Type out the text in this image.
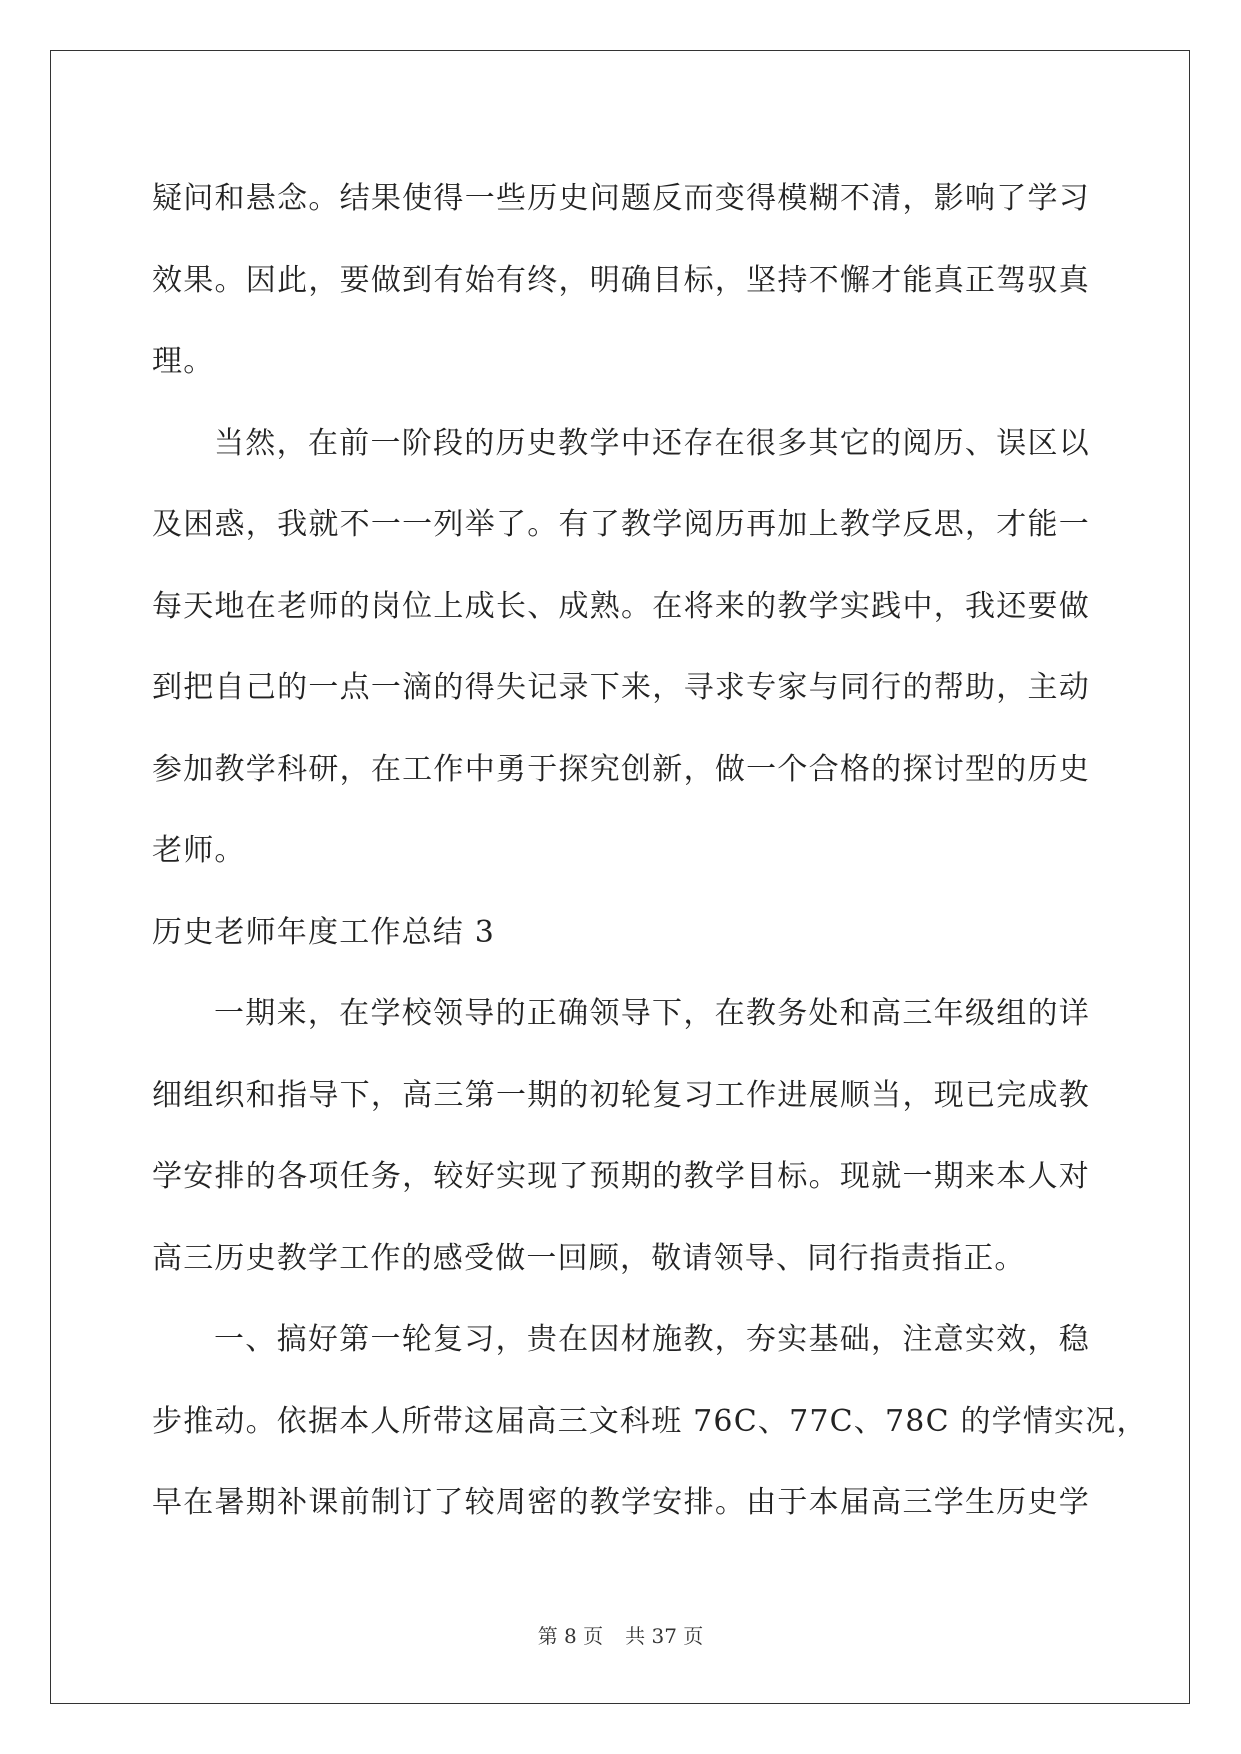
疑问和悬念。结果使得一些历史问题反而变得模糊不清，影响了学习
效果。因此，要做到有始有终，明确目标，坚持不懈才能真正驾驭真
理。
当然，在前一阶段的历史教学中还存在很多其它的阅历、误区以
及困惑，我就不一一列举了。有了教学阅历再加上教学反思，才能一
每天地在老师的岗位上成长、成熟。在将来的教学实践中，我还要做
到把自己的一点一滴的得失记录下来，寻求专家与同行的帮助，主动
参加教学科研，在工作中勇于探究创新，做一个合格的探讨型的历史
老师。
历史老师年度工作总结 3
一期来，在学校领导的正确领导下，在教务处和高三年级组的详
细组织和指导下，高三第一期的初轮复习工作进展顺当，现已完成教
学安排的各项任务，较好实现了预期的教学目标。现就一期来本人对
高三历史教学工作的感受做一回顾，敬请领导、同行指责指正。
一、搞好第一轮复习，贵在因材施教，夯实基础，注意实效，稳
步推动。依据本人所带这届高三文科班 76C、77C、78C 的学情实况，
早在暑期补课前制订了较周密的教学安排。由于本届高三学生历史学
第 8 页 共 37 页
